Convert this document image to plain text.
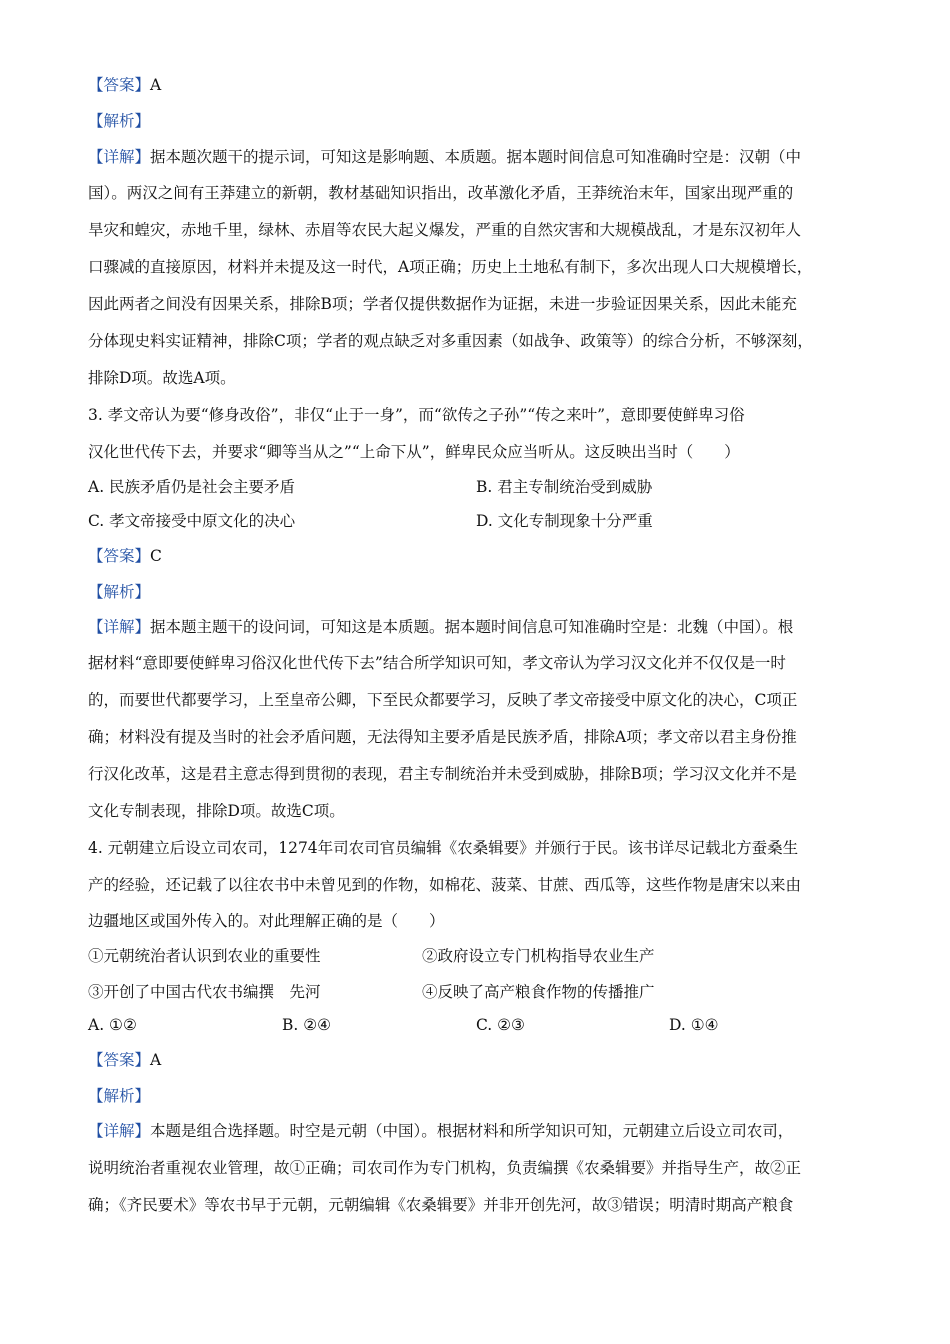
【答案】A
【解析】
【详解】据本题次题干的提示词，可知这是影响题、本质题。据本题时间信息可知准确时空是：汉朝（中
国）。两汉之间有王莽建立的新朝，教材基础知识指出，改革激化矛盾，王莽统治末年，国家出现严重的
旱灾和蝗灾，赤地千里，绿林、赤眉等农民大起义爆发，严重的自然灾害和大规模战乱，才是东汉初年人
口骤减的直接原因，材料并未提及这一时代，A项正确；历史上土地私有制下，多次出现人口大规模增长，
因此两者之间没有因果关系，排除B项；学者仅提供数据作为证据，未进一步验证因果关系，因此未能充
分体现史料实证精神，排除C项；学者的观点缺乏对多重因素（如战争、政策等）的综合分析，不够深刻，
排除D项。故选A项。
3. 孝文帝认为要“修身改俗”，非仅“止于一身”，而“欲传之子孙”“传之来叶”，意即要使鲜卑习俗
汉化世代传下去，并要求“卿等当从之”“上命下从”，鲜卑民众应当听从。这反映出当时（　　）
A. 民族矛盾仍是社会主要矛盾	B. 君主专制统治受到威胁
C. 孝文帝接受中原文化的决心	D. 文化专制现象十分严重
【答案】C
【解析】
【详解】据本题主题干的设问词，可知这是本质题。据本题时间信息可知准确时空是：北魏（中国）。根
据材料“意即要使鲜卑习俗汉化世代传下去”结合所学知识可知，孝文帝认为学习汉文化并不仅仅是一时
的，而要世代都要学习，上至皇帝公卿，下至民众都要学习，反映了孝文帝接受中原文化的决心，C项正
确；材料没有提及当时的社会矛盾问题，无法得知主要矛盾是民族矛盾，排除A项；孝文帝以君主身份推
行汉化改革，这是君主意志得到贯彻的表现，君主专制统治并未受到威胁，排除B项；学习汉文化并不是
文化专制表现，排除D项。故选C项。
4. 元朝建立后设立司农司，1274年司农司官员编辑《农桑辑要》并颁行于民。该书详尽记载北方蚕桑生
产的经验，还记载了以往农书中未曾见到的作物，如棉花、菠菜、甘蔗、西瓜等，这些作物是唐宋以来由
边疆地区或国外传入的。对此理解正确的是（　　）
①元朝统治者认识到农业的重要性	②政府设立专门机构指导农业生产
③开创了中国古代农书编撰　先河	④反映了高产粮食作物的传播推广
A. ①②	B. ②④	C. ②③	D. ①④
【答案】A
【解析】
【详解】本题是组合选择题。时空是元朝（中国）。根据材料和所学知识可知，元朝建立后设立司农司，
说明统治者重视农业管理，故①正确；司农司作为专门机构，负责编撰《农桑辑要》并指导生产，故②正
确；《齐民要术》等农书早于元朝，元朝编辑《农桑辑要》并非开创先河，故③错误；明清时期高产粮食
